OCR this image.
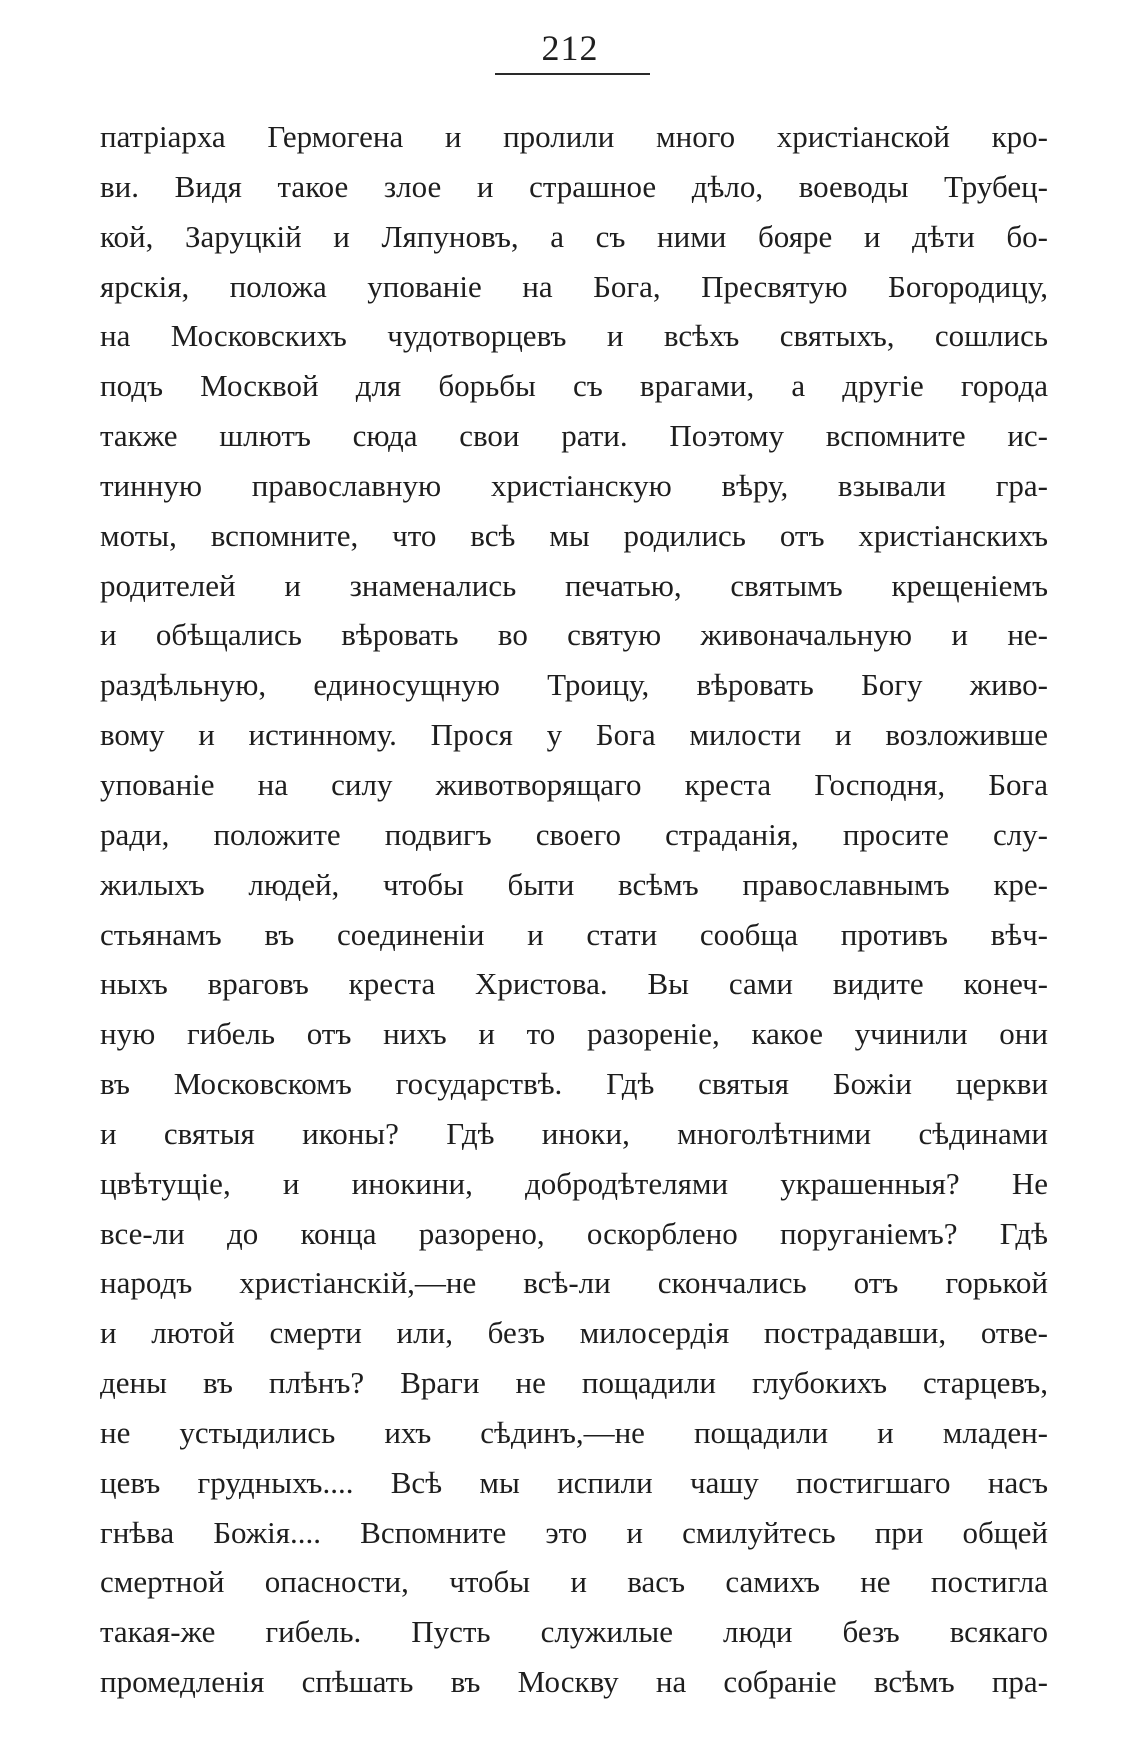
212
патріарха Гермогена и пролили много христіанской кро-
ви. Видя такое злое и страшное дѣло, воеводы Трубец-
кой, Заруцкій и Ляпуновъ, а съ ними бояре и дѣти бо-
ярскія, положа упованіе на Бога, Пресвятую Богородицу,
на Московскихъ чудотворцевъ и всѣхъ святыхъ, сошлись
подъ Москвой для борьбы съ врагами, а другіе города
также шлютъ сюда свои рати. Поэтому вспомните ис-
тинную православную христіанскую вѣру, взывали гра-
моты, вспомните, что всѣ мы родились отъ христіанскихъ
родителей и знаменались печатью, святымъ крещеніемъ
и обѣщались вѣровать во святую живоначальную и не-
раздѣльную, единосущную Троицу, вѣровать Богу живо-
вому и истинному. Прося у Бога милости и возложивше
упованіе на силу животворящаго креста Господня, Бога
ради, положите подвигъ своего страданія, просите слу-
жилыхъ людей, чтобы быти всѣмъ православнымъ кре-
стьянамъ въ соединеніи и стати сообща противъ вѣч-
ныхъ враговъ креста Христова. Вы сами видите конеч-
ную гибель отъ нихъ и то разореніе, какое учинили они
въ Московскомъ государствѣ. Гдѣ святыя Божіи церкви
и святыя иконы? Гдѣ иноки, многолѣтними сѣдинами
цвѣтущіе, и инокини, добродѣтелями украшенныя? Не
все-ли до конца разорено, оскорблено поруганіемъ? Гдѣ
народъ христіанскій,—не всѣ-ли скончались отъ горькой
и лютой смерти или, безъ милосердія пострадавши, отве-
дены въ плѣнъ? Враги не пощадили глубокихъ старцевъ,
не устыдились ихъ сѣдинъ,—не пощадили и младен-
цевъ грудныхъ.... Всѣ мы испили чашу постигшаго насъ
гнѣва Божія.... Вспомните это и смилуйтесь при общей
смертной опасности, чтобы и васъ самихъ не постигла
такая-же гибель. Пусть служилые люди безъ всякаго
промедленія спѣшать въ Москву на собраніе всѣмъ пра-
